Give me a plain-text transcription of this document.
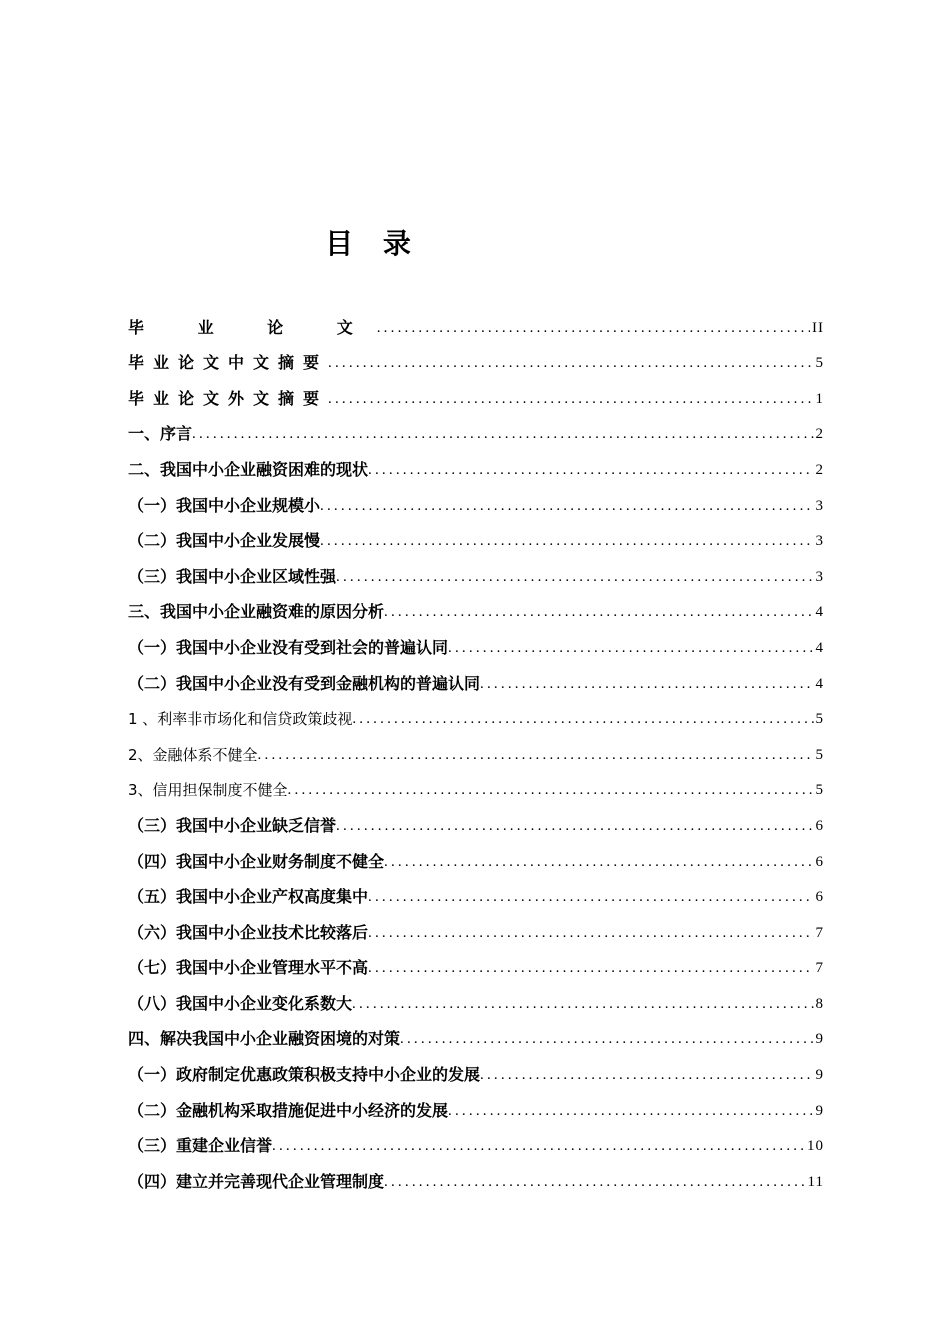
目 录
毕 业 论 文 .....	II
毕业论文中文摘要 .....	5
毕业论文外文摘要 .....	1
一、序言 .....	2
二、我国中小企业融资困难的现状 .....	2
（一）我国中小企业规模小 .....	3
（二）我国中小企业发展慢 .....	3
（三）我国中小企业区域性强 .....	3
三、我国中小企业融资难的原因分析 .....	4
（一）我国中小企业没有受到社会的普遍认同 .....	4
（二）我国中小企业没有受到金融机构的普遍认同 .....	4
1 、利率非市场化和信贷政策歧视 .....	5
2、金融体系不健全 .....	5
3、信用担保制度不健全 .....	5
（三）我国中小企业缺乏信誉 .....	6
（四）我国中小企业财务制度不健全 .....	6
（五）我国中小企业产权高度集中 .....	6
（六）我国中小企业技术比较落后 .....	7
（七）我国中小企业管理水平不高 .....	7
（八）我国中小企业变化系数大 .....	8
四、解决我国中小企业融资困境的对策 .....	9
（一）政府制定优惠政策积极支持中小企业的发展 .....	9
（二）金融机构采取措施促进中小经济的发展 .....	9
（三）重建企业信誉 .....	10
（四）建立并完善现代企业管理制度 .....	11
